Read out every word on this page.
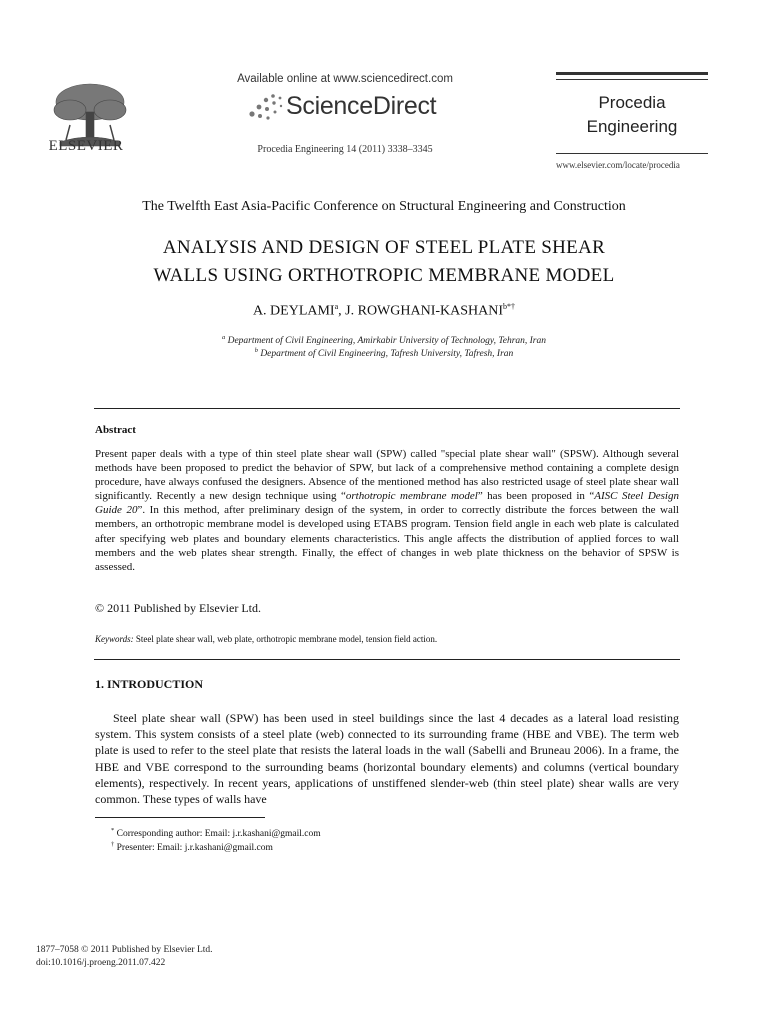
ELSEVIER
Available online at www.sciencedirect.com
ScienceDirect
Procedia Engineering 14 (2011) 3338–3345
Procedia
Engineering
www.elsevier.com/locate/procedia
The Twelfth East Asia-Pacific Conference on Structural Engineering and Construction
ANALYSIS AND DESIGN OF STEEL PLATE SHEAR
WALLS USING ORTHOTROPIC MEMBRANE MODEL
A. DEYLAMI$^a$, J. ROWGHANI-$KASHANI^{b*\dagger}$
$^a$ Department of Civil Engineering, Amirkabir University of Technology, Tehran, Iran
$^b$ Department of Civil Engineering, Tafresh University, Tafresh, Iran
Abstract
Present paper deals with a type of thin steel plate shear wall (SPW) called "special plate shear wall" (SPSW). Although several methods have been proposed to predict the behavior of SPW, but lack of a comprehensive method containing a complete design procedure, have always confused the designers. Absence of the mentioned method has also restricted usage of steel plate shear wall significantly. Recently a new design technique using “orthotropic membrane model” has been proposed in “AISC Steel Design Guide 20”. In this method, after preliminary design of the system, in order to correctly distribute the forces between the wall members, an orthotropic membrane model is developed using ETABS program. Tension field angle in each web plate is calculated after specifying web plates and boundary elements characteristics. This angle affects the distribution of applied forces to wall members and the web plates shear strength. Finally, the effect of changes in web plate thickness on the behavior of SPSW is assessed.
© 2011 Published by Elsevier Ltd.
Keywords: Steel plate shear wall, web plate, orthotropic membrane model, tension field action.
1. INTRODUCTION
Steel plate shear wall (SPW) has been used in steel buildings since the last 4 decades as a lateral load resisting system. This system consists of a steel plate (web) connected to its surrounding frame (HBE and VBE). The term web plate is used to refer to the steel plate that resists the lateral loads in the wall (Sabelli and Bruneau 2006). In a frame, the HBE and VBE correspond to the surrounding beams (horizontal boundary elements) and columns (vertical boundary elements), respectively. In recent years, applications of unstiffened slender-web (thin steel plate) shear walls are very common. These types of walls have
* Corresponding author: Email: j.r.kashani@gmail.com
† Presenter: Email: j.r.kashani@gmail.com
1877–7058 © 2011 Published by Elsevier Ltd.
doi:10.1016/j.proeng.2011.07.422
